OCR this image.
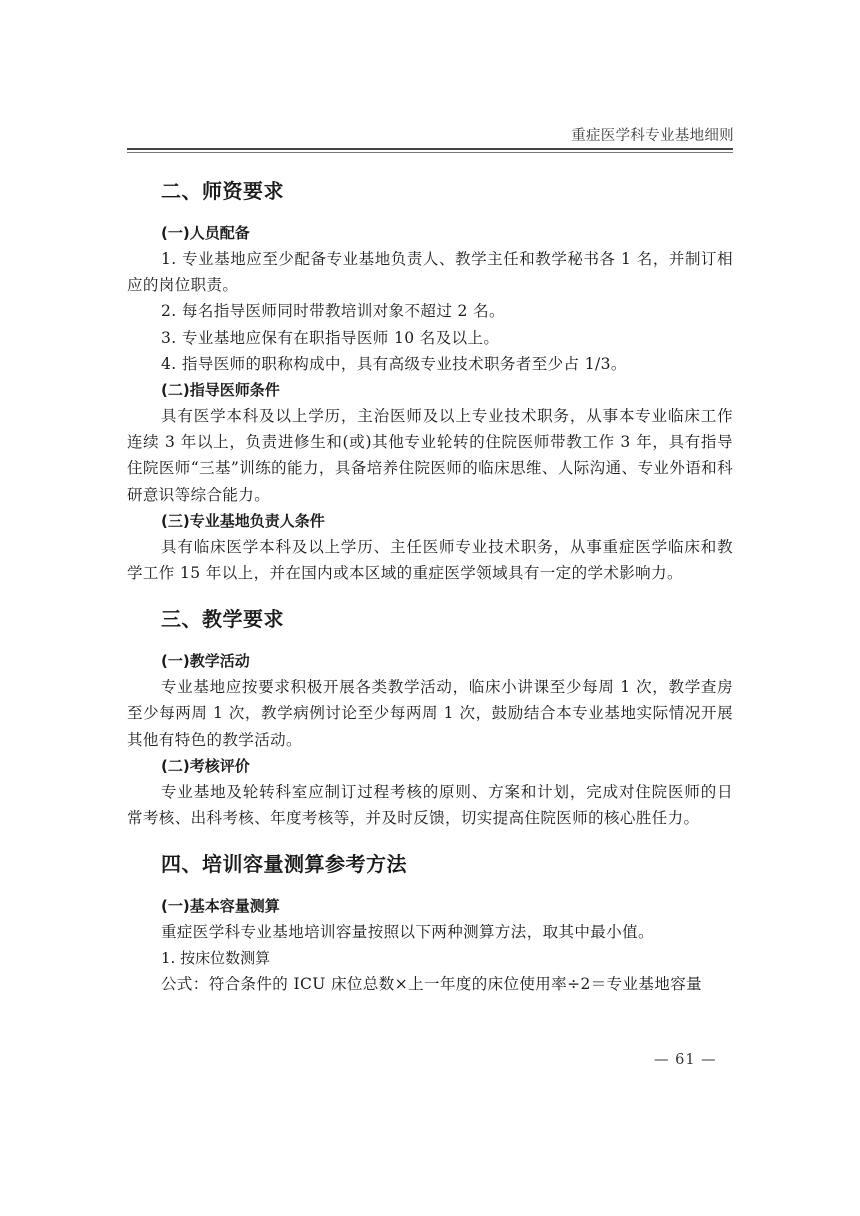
重症医学科专业基地细则
二、师资要求
(一)人员配备

1. 专业基地应至少配备专业基地负责人、教学主任和教学秘书各 1 名，并制订相应的岗位职责。

2. 每名指导医师同时带教培训对象不超过 2 名。

3. 专业基地应保有在职指导医师 10 名及以上。

4. 指导医师的职称构成中，具有高级专业技术职务者至少占 1/3。

(二)指导医师条件

具有医学本科及以上学历，主治医师及以上专业技术职务，从事本专业临床工作连续 3 年以上，负责进修生和(或)其他专业轮转的住院医师带教工作 3 年，具有指导住院医师“三基”训练的能力，具备培养住院医师的临床思维、人际沟通、专业外语和科研意识等综合能力。

(三)专业基地负责人条件

具有临床医学本科及以上学历、主任医师专业技术职务，从事重症医学临床和教学工作 15 年以上，并在国内或本区域的重症医学领域具有一定的学术影响力。

三、教学要求
(一)教学活动

专业基地应按要求积极开展各类教学活动，临床小讲课至少每周 1 次，教学查房至少每两周 1 次，教学病例讨论至少每两周 1 次，鼓励结合本专业基地实际情况开展其他有特色的教学活动。

(二)考核评价

专业基地及轮转科室应制订过程考核的原则、方案和计划，完成对住院医师的日常考核、出科考核、年度考核等，并及时反馈，切实提高住院医师的核心胜任力。

四、培训容量测算参考方法
(一)基本容量测算

重症医学科专业基地培训容量按照以下两种测算方法，取其中最小值。

1. 按床位数测算

公式：符合条件的 ICU 床位总数×上一年度的床位使用率÷2＝专业基地容量

— 61 —
